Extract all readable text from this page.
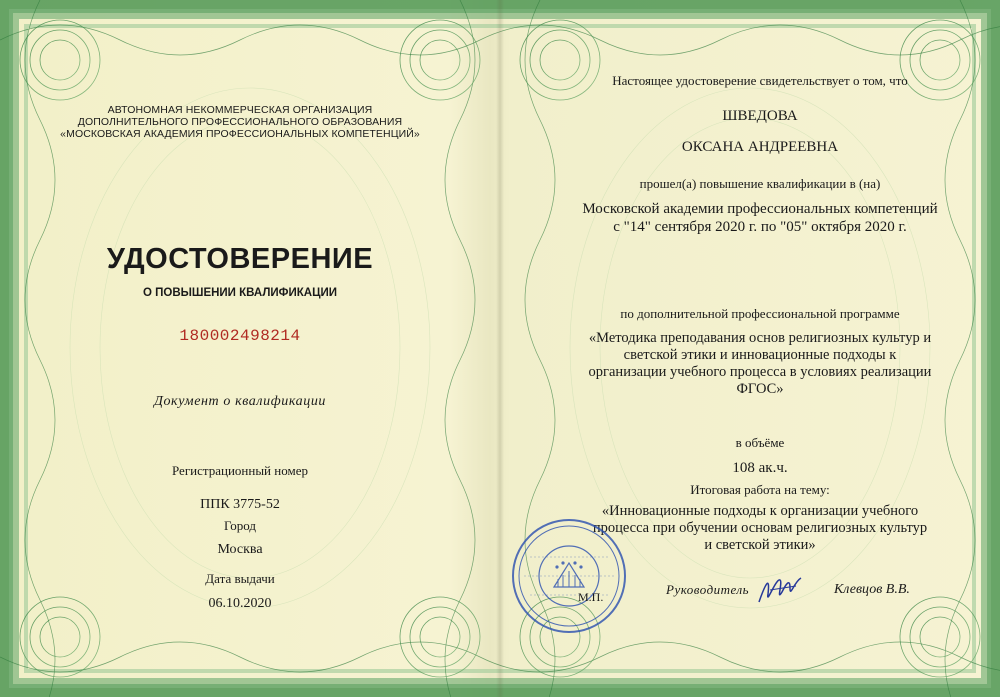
АВТОНОМНАЯ НЕКОММЕРЧЕСКАЯ ОРГАНИЗАЦИЯ
ДОПОЛНИТЕЛЬНОГО ПРОФЕССИОНАЛЬНОГО ОБРАЗОВАНИЯ
«МОСКОВСКАЯ АКАДЕМИЯ ПРОФЕССИОНАЛЬНЫХ КОМПЕТЕНЦИЙ»
УДОСТОВЕРЕНИЕ
О ПОВЫШЕНИИ КВАЛИФИКАЦИИ
180002498214
Документ о квалификации
Регистрационный номер
ППК 3775-52
Город
Москва
Дата выдачи
06.10.2020
Настоящее удостоверение свидетельствует о том, что
ШВЕДОВА
ОКСАНА АНДРЕЕВНА
прошел(а) повышение квалификации в (на)
Московской академии профессиональных компетенций
с "14" сентября 2020 г. по "05" октября 2020 г.
по дополнительной профессиональной программе
«Методика преподавания основ религиозных культур и
светской этики и инновационные подходы к
организации учебного процесса в условиях реализации
ФГОС»
в объёме
108 ак.ч.
Итоговая работа на тему:
«Инновационные подходы к организации учебного
процесса при обучении основам религиозных культур
и светской этики»
Руководитель
М.П.	Клевцов В.В.
